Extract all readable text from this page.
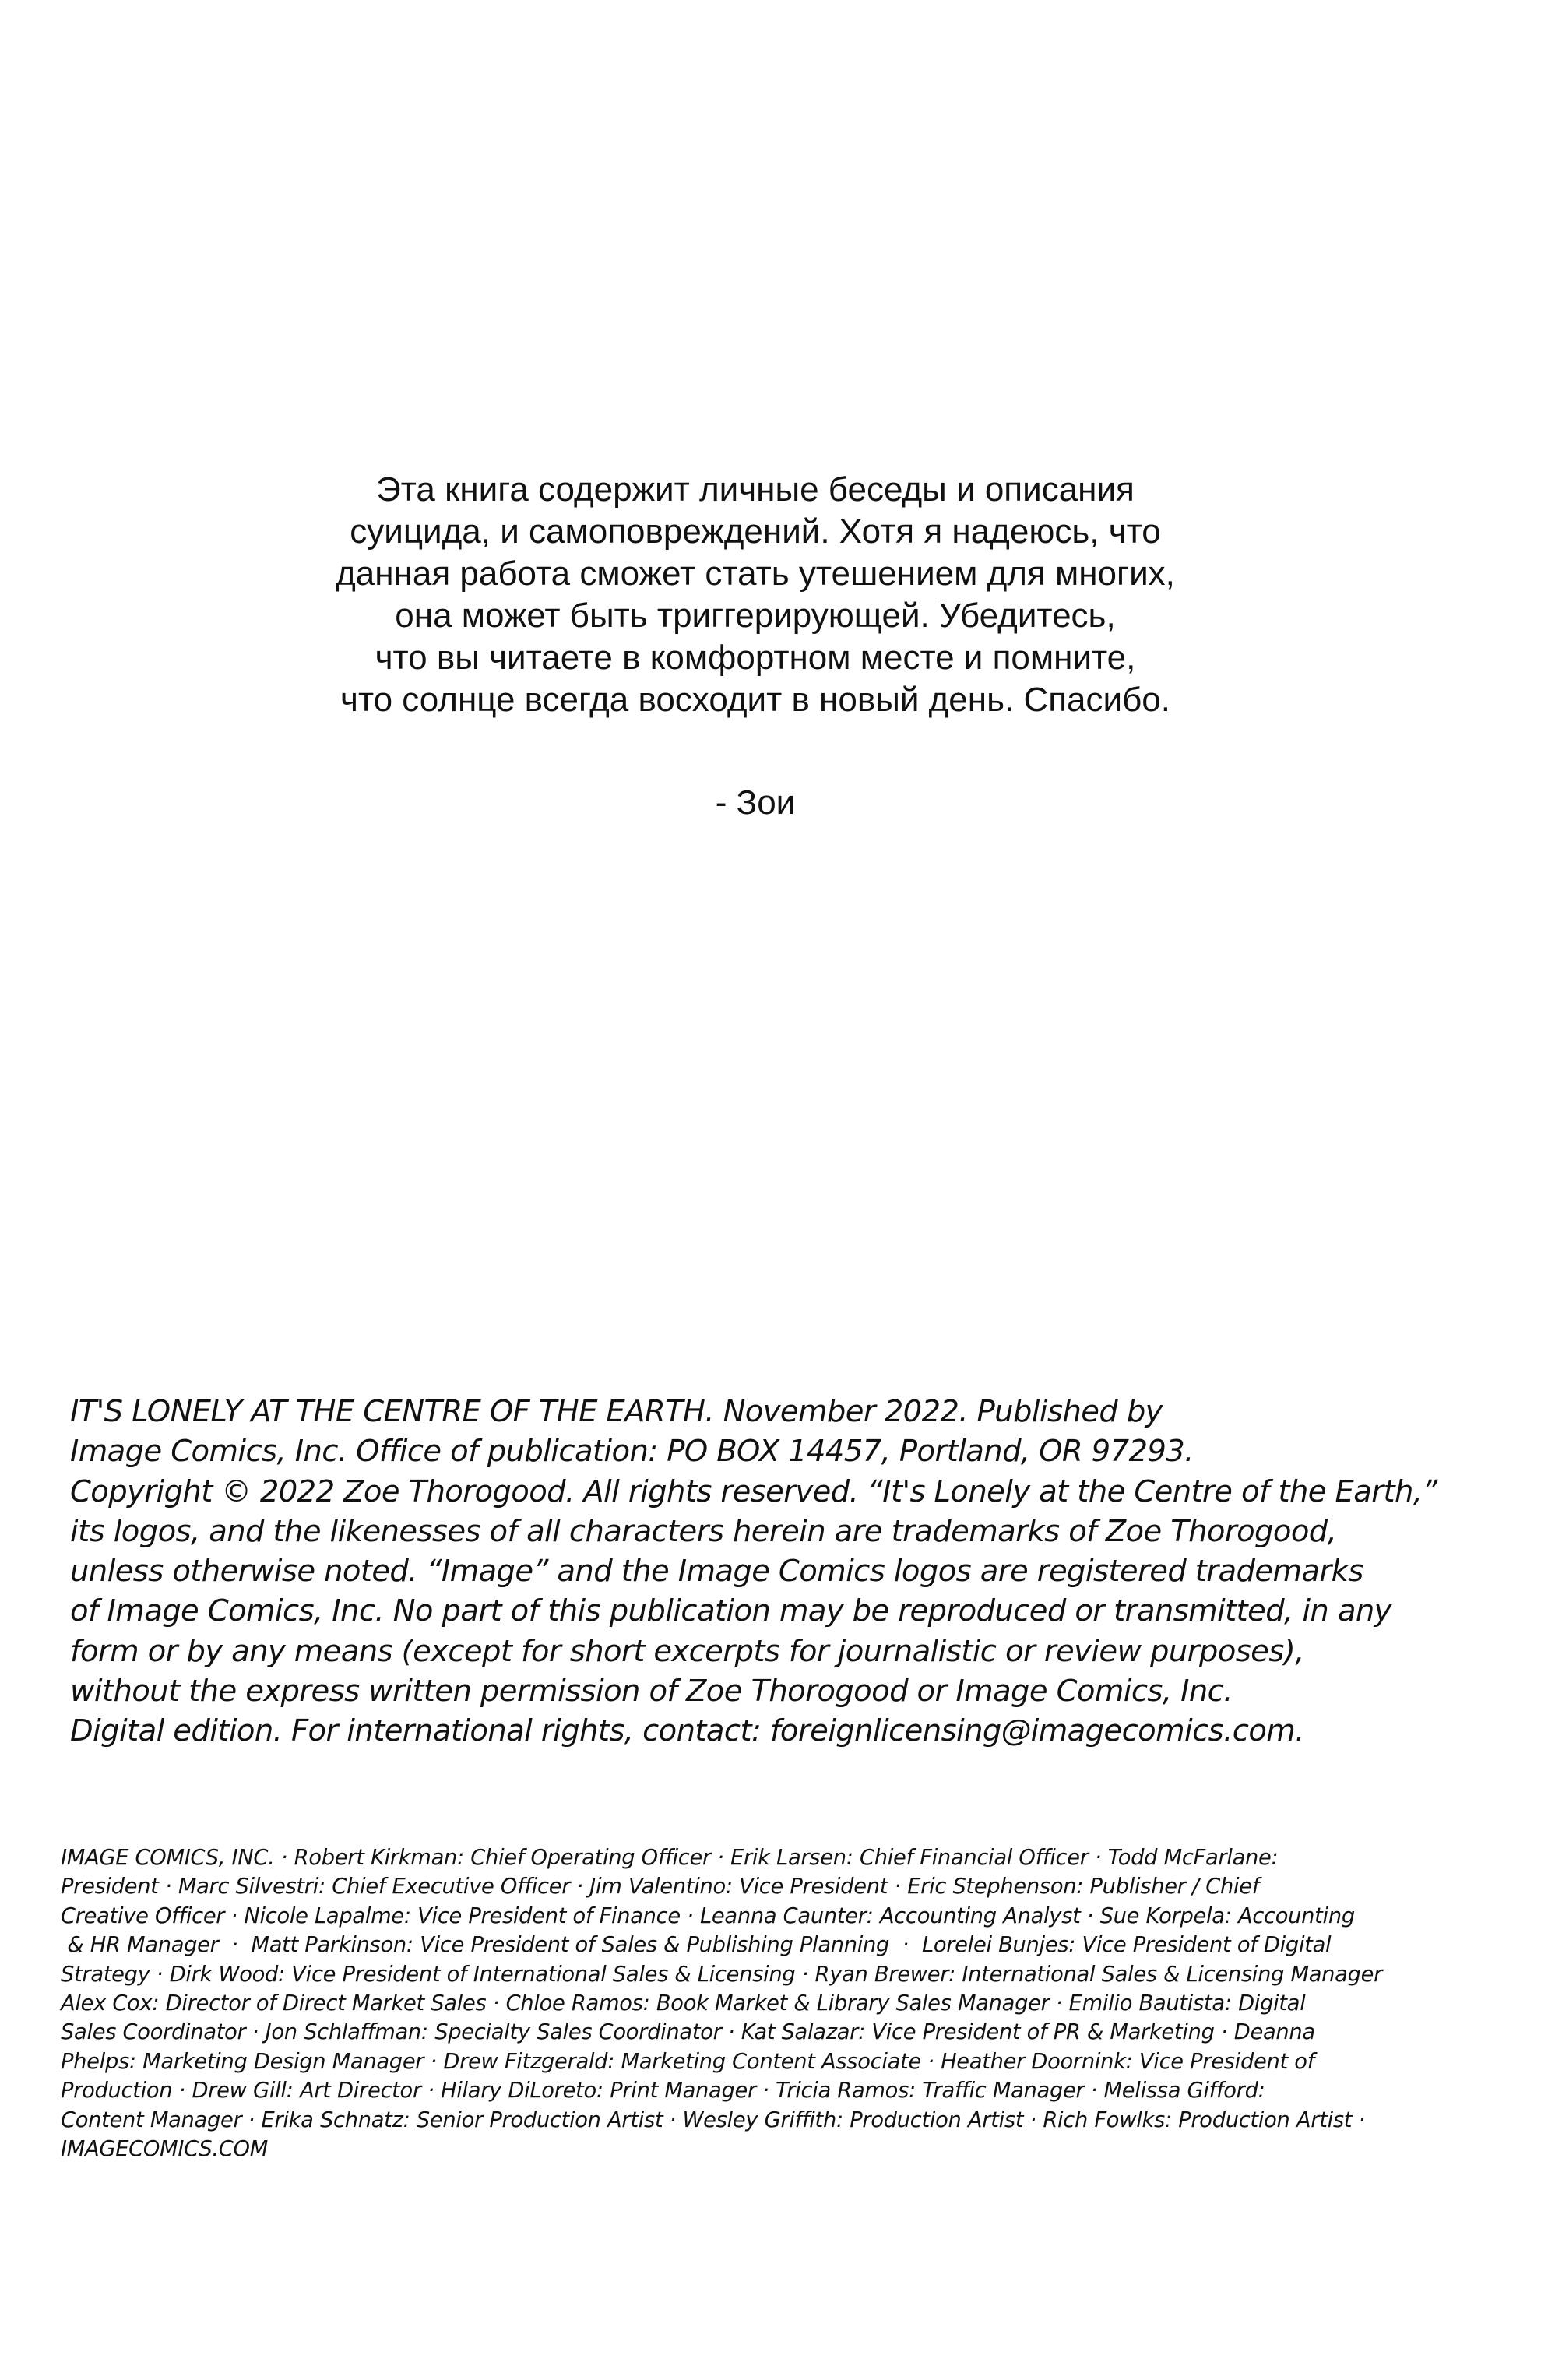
Эта книга содержит личные беседы и описания
суицида, и самоповреждений. Хотя я надеюсь, что
данная работа сможет стать утешением для многих,
она может быть триггерирующей. Убедитесь,
что вы читаете в комфортном месте и помните,
что солнце всегда восходит в новый день. Спасибо.
- Зои
IT'S LONELY AT THE CENTRE OF THE EARTH. November 2022. Published by
Image Comics, Inc. Office of publication: PO BOX 14457, Portland, OR 97293.
Copyright © 2022 Zoe Thorogood. All rights reserved. “It's Lonely at the Centre of the Earth,”
its logos, and the likenesses of all characters herein are trademarks of Zoe Thorogood,
unless otherwise noted. “Image” and the Image Comics logos are registered trademarks
of Image Comics, Inc. No part of this publication may be reproduced or transmitted, in any
form or by any means (except for short excerpts for journalistic or review purposes),
without the express written permission of Zoe Thorogood or Image Comics, Inc.
Digital edition. For international rights, contact: foreignlicensing@imagecomics.com.
IMAGE COMICS, INC. · Robert Kirkman: Chief Operating Officer · Erik Larsen: Chief Financial Officer · Todd McFarlane:
President · Marc Silvestri: Chief Executive Officer · Jim Valentino: Vice President · Eric Stephenson: Publisher / Chief
Creative Officer · Nicole Lapalme: Vice President of Finance · Leanna Caunter: Accounting Analyst · Sue Korpela: Accounting
& HR Manager  ·  Matt Parkinson: Vice President of Sales & Publishing Planning  ·  Lorelei Bunjes: Vice President of Digital
Strategy · Dirk Wood: Vice President of International Sales & Licensing · Ryan Brewer: International Sales & Licensing Manager
Alex Cox: Director of Direct Market Sales · Chloe Ramos: Book Market & Library Sales Manager · Emilio Bautista: Digital
Sales Coordinator · Jon Schlaffman: Specialty Sales Coordinator · Kat Salazar: Vice President of PR & Marketing · Deanna
Phelps: Marketing Design Manager · Drew Fitzgerald: Marketing Content Associate · Heather Doornink: Vice President of
Production · Drew Gill: Art Director · Hilary DiLoreto: Print Manager · Tricia Ramos: Traffic Manager · Melissa Gifford:
Content Manager · Erika Schnatz: Senior Production Artist · Wesley Griffith: Production Artist · Rich Fowlks: Production Artist ·
IMAGECOMICS.COM
